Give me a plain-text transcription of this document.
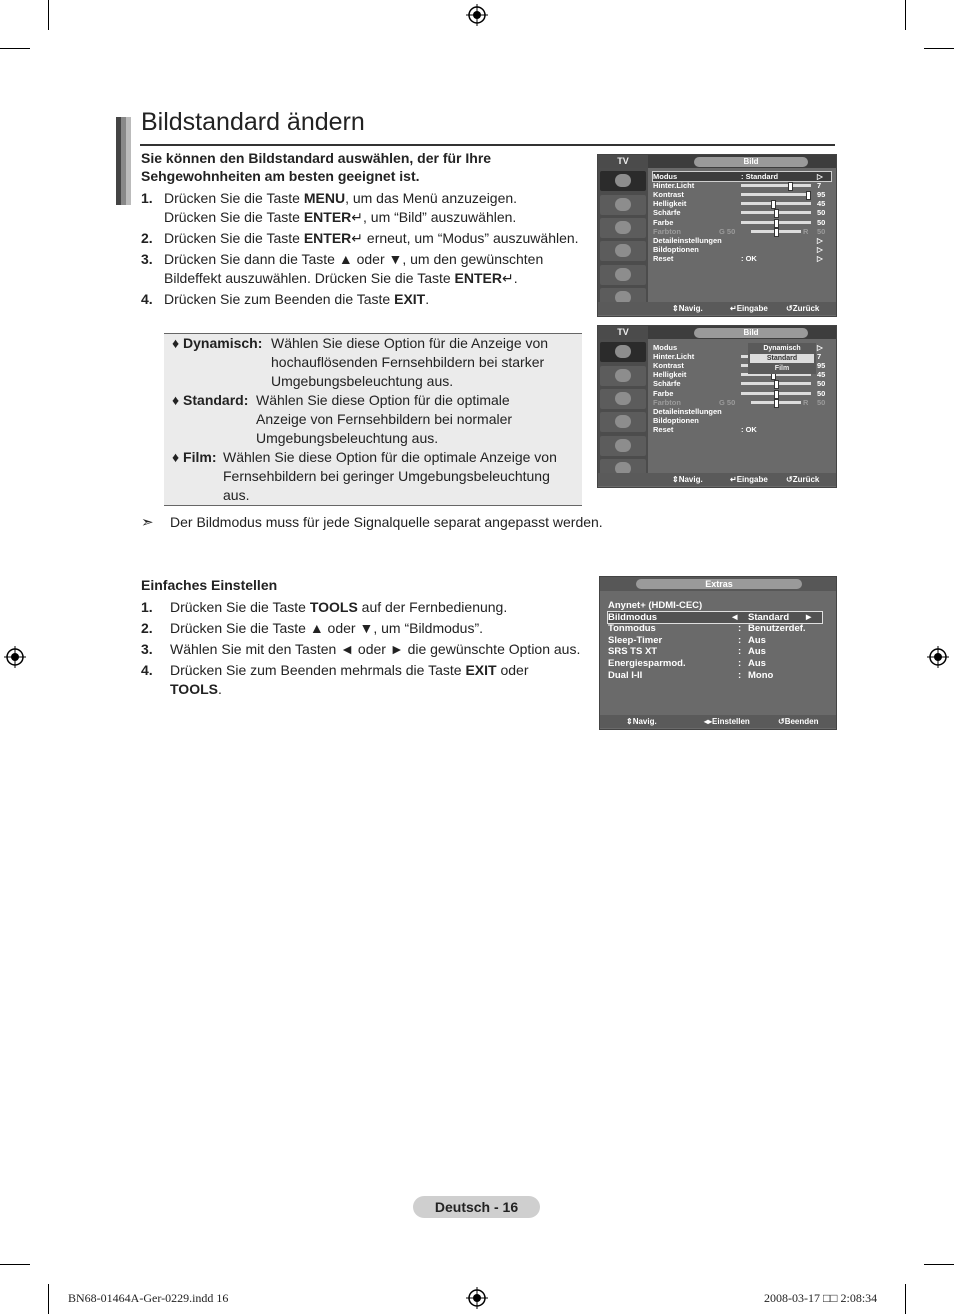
Bildstandard ändern
Sie können den Bildstandard auswählen, der für Ihre Sehgewohnheiten am besten geeignet ist.
1. Drücken Sie die Taste MENU, um das Menü anzuzeigen.
Drücken Sie die Taste ENTER↵, um “Bild” auszuwählen.
2. Drücken Sie die Taste ENTER↵ erneut, um “Modus” auszuwählen.
3. Drücken Sie dann die Taste ▲ oder ▼, um den gewünschten Bildeffekt auszuwählen. Drücken Sie die Taste ENTER↵.
4. Drücken Sie zum Beenden die Taste EXIT.
♦ Dynamisch: Wählen Sie diese Option für die Anzeige von hochauflösenden Fernsehbildern bei starker Umgebungsbeleuchtung aus.
♦ Standard: Wählen Sie diese Option für die optimale Anzeige von Fernsehbildern bei normaler Umgebungsbeleuchtung aus.
♦ Film: Wählen Sie diese Option für die optimale Anzeige von Fernsehbildern bei geringer Umgebungsbeleuchtung aus.
➣ Der Bildmodus muss für jede Signalquelle separat angepasst werden.
Einfaches Einstellen
1. Drücken Sie die Taste TOOLS auf der Fernbedienung.
2. Drücken Sie die Taste ▲ oder ▼, um “Bildmodus”.
3. Wählen Sie mit den Tasten ◄ oder ► die gewünschte Option aus.
4. Drücken Sie zum Beenden mehrmals die Taste EXIT oder TOOLS.
TV	Bild
Modus	: Standard	▷
Hinter.Licht	7
Kontrast	95
Helligkeit	45
Schärfe	50
Farbe	50
Farbton	G 50	R 50
Detaileinstellungen	▷
Bildoptionen	▷
Reset	: OK	▷
⇕ Navig.	↵ Eingabe ↺ Zurück
TV	Bild
Modus	▷
Hinter.Licht	7
Kontrast	95
Helligkeit	45
Schärfe	50
Farbe	50
Farbton	G 50	R 50
Detaileinstellungen
Bildoptionen
Reset	: OK
Dynamisch
Standard
Film
⇕ Navig.	↵ Eingabe ↺ Zurück
Extras
Anynet+ (HDMI-CEC)
Bildmodus	◄ Standard ►
Tonmodus	: Benutzerdef.
Sleep-Timer	: Aus
SRS TS XT	: Aus
Energiesparmod.	: Aus
Dual I-II	: Mono
⇕ Navig.	◂▸ Einstellen	↺ Beenden
Deutsch - 16
BN68-01464A-Ger-0229.indd 16	2008-03-17 □□ 2:08:34
